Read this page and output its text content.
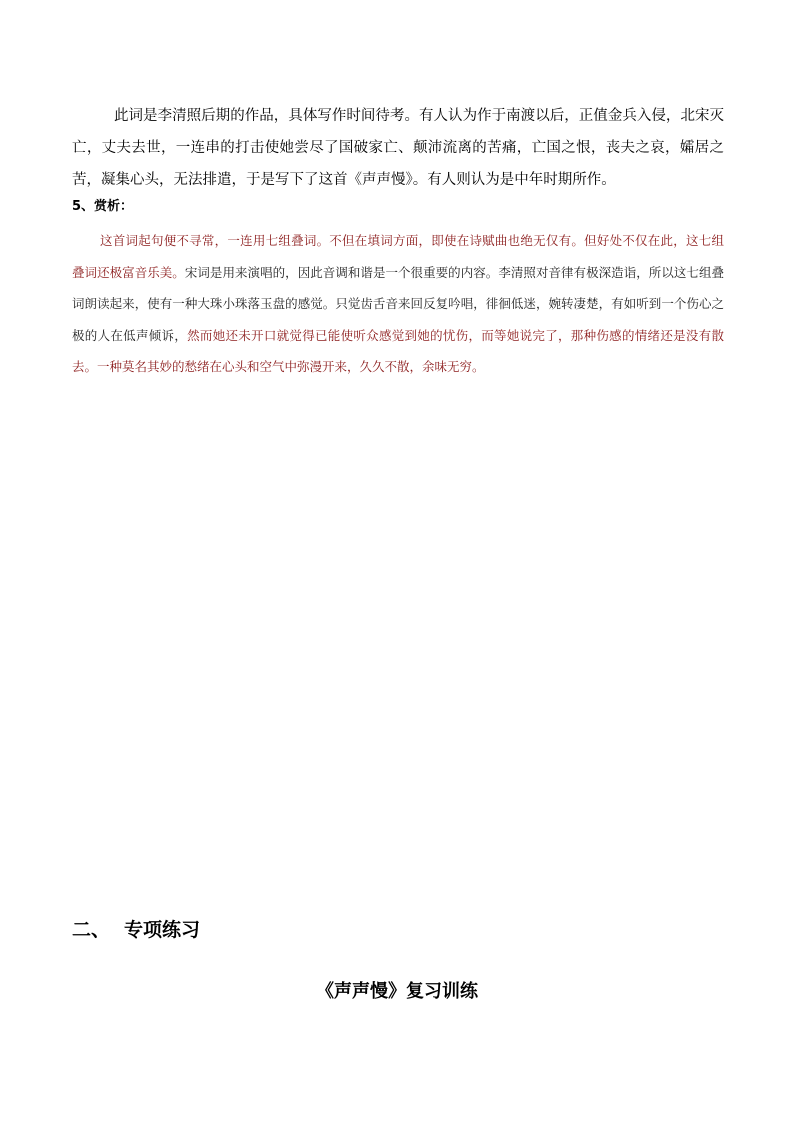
此词是李清照后期的作品，具体写作时间待考。有人认为作于南渡以后，正值金兵入侵，北宋灭亡，丈夫去世，一连串的打击使她尝尽了国破家亡、颠沛流离的苦痛，亡国之恨，丧夫之哀，孀居之苦，凝集心头，无法排遣，于是写下了这首《声声慢》。有人则认为是中年时期所作。

5、赏析：

这首词起句便不寻常，一连用七组叠词。不但在填词方面，即使在诗赋曲也绝无仅有。但好处不仅在此，这七组叠词还极富音乐美。宋词是用来演唱的，因此音调和谐是一个很重要的内容。李清照对音律有极深造诣，所以这七组叠词朗读起来，使有一种大珠小珠落玉盘的感觉。只觉齿舌音来回反复吟唱，徘徊低迷，婉转凄楚，有如听到一个伤心之极的人在低声倾诉，然而她还未开口就觉得已能使听众感觉到她的忧伤，而等她说完了，那种伤感的情绪还是没有散去。一种莫名其妙的愁绪在心头和空气中弥漫开来，久久不散，余味无穷。

二、 专项练习
《声声慢》复习训练
